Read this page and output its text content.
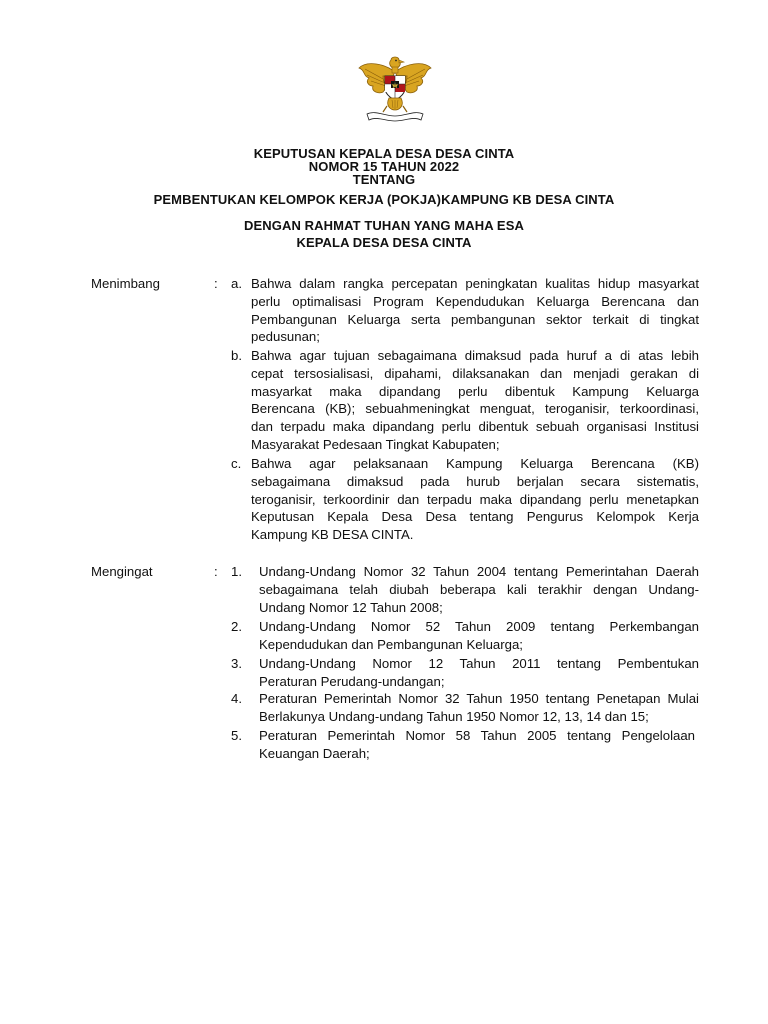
KEPUTUSAN KEPALA DESA DESA CINTA
NOMOR 15 TAHUN 2022
TENTANG
PEMBENTUKAN KELOMPOK KERJA (POKJA)KAMPUNG KB DESA CINTA
DENGAN RAHMAT TUHAN YANG MAHA ESA
KEPALA DESA DESA CINTA
Menimbang	: a. Bahwa dalam rangka percepatan peningkatan kualitas hidup masyarkat
perlu optimalisasi Program Kependudukan Keluarga Berencana dan
Pembangunan Keluarga serta pembangunan sektor terkait di tingkat
pedusunan;
b. Bahwa agar tujuan sebagaimana dimaksud pada huruf a di atas lebih
cepat tersosialisasi, dipahami, dilaksanakan dan menjadi gerakan di
masyarkat maka dipandang perlu dibentuk Kampung Keluarga
Berencana (KB); sebuahmeningkat menguat, teroganisir, terkoordinasi,
dan terpadu maka dipandang perlu dibentuk sebuah organisasi Institusi
Masyarakat Pedesaan Tingkat Kabupaten;
c. Bahwa agar pelaksanaan Kampung Keluarga Berencana (KB)
sebagaimana dimaksud pada hurub berjalan secara sistematis,
teroganisir, terkoordinir dan terpadu maka dipandang perlu menetapkan
Keputusan Kepala Desa Desa tentang Pengurus Kelompok Kerja
Kampung KB DESA CINTA.
Mengingat	: 1. Undang-Undang Nomor 32 Tahun 2004 tentang Pemerintahan Daerah
sebagaimana telah diubah beberapa kali terakhir dengan Undang-
Undang Nomor 12 Tahun 2008;
2. Undang-Undang Nomor 52 Tahun 2009 tentang Perkembangan
Kependudukan dan Pembangunan Keluarga;
3. Undang-Undang Nomor 12 Tahun 2011 tentang Pembentukan
Peraturan Perudang-undangan;
4. Peraturan Pemerintah Nomor 32 Tahun 1950 tentang Penetapan Mulai
Berlakunya Undang-undang Tahun 1950 Nomor 12, 13, 14 dan 15;
5. Peraturan Pemerintah Nomor 58 Tahun 2005 tentang Pengelolaan
Keuangan Daerah;
